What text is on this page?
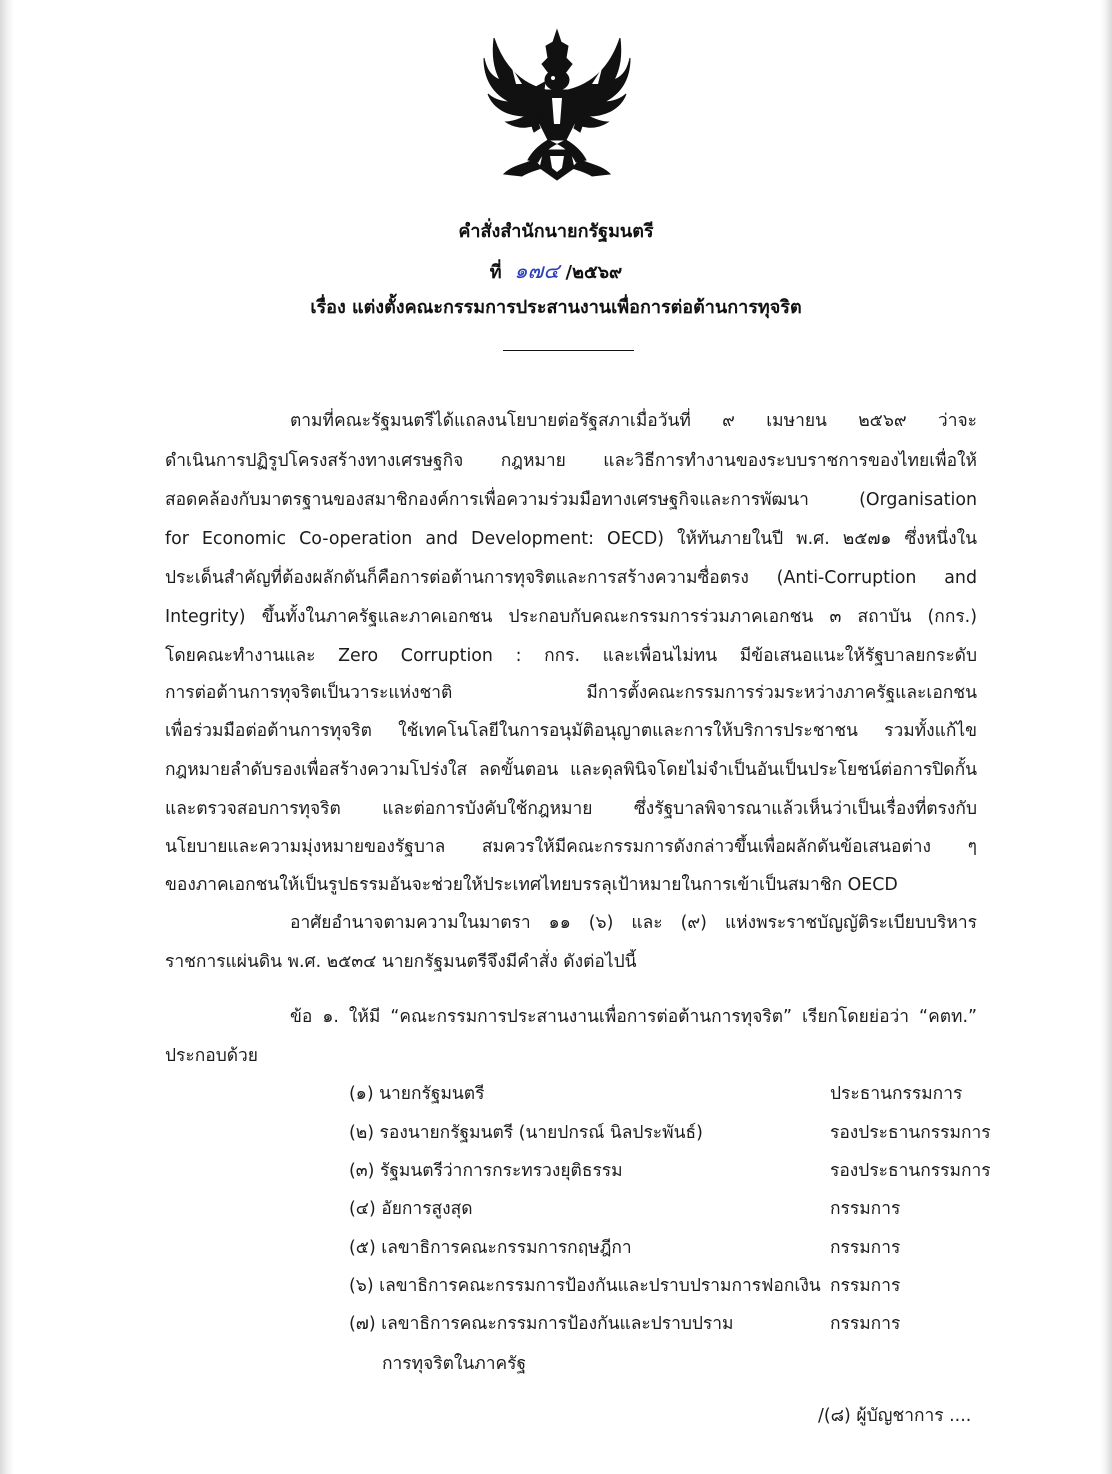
คำสั่งสำนักนายกรัฐมนตรี
ที่ ๑๗๔ /๒๕๖๙
เรื่อง แต่งตั้งคณะกรรมการประสานงานเพื่อการต่อต้านการทุจริต
ตามที่คณะรัฐมนตรีได้แถลงนโยบายต่อรัฐสภาเมื่อวันที่ ๙ เมษายน ๒๕๖๙ ว่าจะ
ดำเนินการปฏิรูปโครงสร้างทางเศรษฐกิจ กฎหมาย และวิธีการทำงานของระบบราชการของไทยเพื่อให้
สอดคล้องกับมาตรฐานของสมาชิกองค์การเพื่อความร่วมมือทางเศรษฐกิจและการพัฒนา (Organisation
for Economic Co-operation and Development: OECD) ให้ทันภายในปี พ.ศ. ๒๕๗๑ ซึ่งหนึ่งใน
ประเด็นสำคัญที่ต้องผลักดันก็คือการต่อต้านการทุจริตและการสร้างความซื่อตรง (Anti-Corruption and
Integrity) ขึ้นทั้งในภาครัฐและภาคเอกชน ประกอบกับคณะกรรมการร่วมภาคเอกชน ๓ สถาบัน (กกร.)
โดยคณะทำงานและ Zero Corruption : กกร. และเพื่อนไม่ทน มีข้อเสนอแนะให้รัฐบาลยกระดับ
การต่อต้านการทุจริตเป็นวาระแห่งชาติ มีการตั้งคณะกรรมการร่วมระหว่างภาครัฐและเอกชน
เพื่อร่วมมือต่อต้านการทุจริต ใช้เทคโนโลยีในการอนุมัติอนุญาตและการให้บริการประชาชน รวมทั้งแก้ไข
กฎหมายลำดับรองเพื่อสร้างความโปร่งใส ลดขั้นตอน และดุลพินิจโดยไม่จำเป็นอันเป็นประโยชน์ต่อการปิดกั้น
และตรวจสอบการทุจริต และต่อการบังคับใช้กฎหมาย ซึ่งรัฐบาลพิจารณาแล้วเห็นว่าเป็นเรื่องที่ตรงกับ
นโยบายและความมุ่งหมายของรัฐบาล สมควรให้มีคณะกรรมการดังกล่าวขึ้นเพื่อผลักดันข้อเสนอต่าง ๆ
ของภาคเอกชนให้เป็นรูปธรรมอันจะช่วยให้ประเทศไทยบรรลุเป้าหมายในการเข้าเป็นสมาชิก OECD
อาศัยอำนาจตามความในมาตรา ๑๑ (๖) และ (๙) แห่งพระราชบัญญัติระเบียบบริหาร
ราชการแผ่นดิน พ.ศ. ๒๕๓๔ นายกรัฐมนตรีจึงมีคำสั่ง ดังต่อไปนี้
ข้อ ๑. ให้มี “คณะกรรมการประสานงานเพื่อการต่อต้านการทุจริต” เรียกโดยย่อว่า “คตท.”
ประกอบด้วย
(๑) นายกรัฐมนตรี	ประธานกรรมการ
(๒) รองนายกรัฐมนตรี (นายปกรณ์ นิลประพันธ์)	รองประธานกรรมการ
(๓) รัฐมนตรีว่าการกระทรวงยุติธรรม	รองประธานกรรมการ
(๔) อัยการสูงสุด	กรรมการ
(๕) เลขาธิการคณะกรรมการกฤษฎีกา	กรรมการ
(๖) เลขาธิการคณะกรรมการป้องกันและปราบปรามการฟอกเงิน กรรมการ
(๗) เลขาธิการคณะกรรมการป้องกันและปราบปราม	กรรมการ
การทุจริตในภาครัฐ
/(๘) ผู้บัญชาการ ....
